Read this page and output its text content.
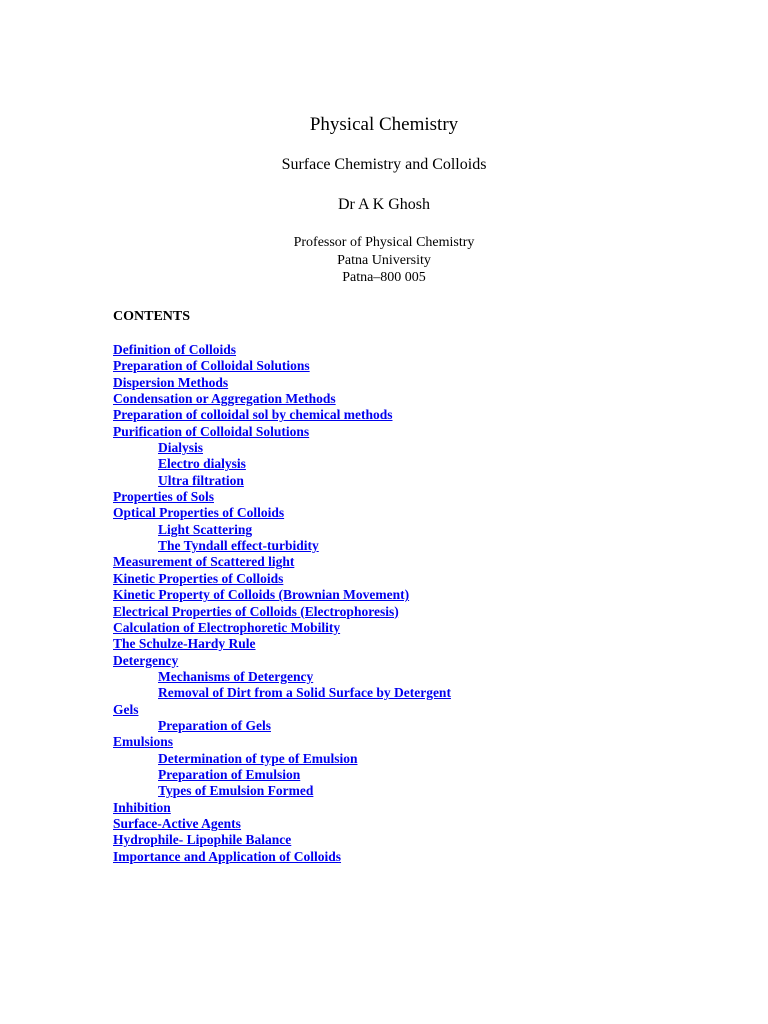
Physical Chemistry
Surface Chemistry and Colloids
Dr A K Ghosh
Professor of Physical Chemistry
Patna University
Patna–800 005
CONTENTS
Definition of Colloids
Preparation of Colloidal Solutions
Dispersion Methods
Condensation or Aggregation Methods
Preparation of colloidal sol by chemical methods
Purification of Colloidal Solutions
Dialysis
Electro dialysis
Ultra filtration
Properties of Sols
Optical Properties of Colloids
Light Scattering
The Tyndall effect-turbidity
Measurement of Scattered light
Kinetic Properties of Colloids
Kinetic Property of Colloids (Brownian Movement)
Electrical Properties of Colloids (Electrophoresis)
Calculation of Electrophoretic Mobility
The Schulze-Hardy Rule
Detergency
Mechanisms of Detergency
Removal of Dirt from a Solid Surface by Detergent
Gels
Preparation of Gels
Emulsions
Determination of type of Emulsion
Preparation of Emulsion
Types of Emulsion Formed
Inhibition
Surface-Active Agents
Hydrophile- Lipophile Balance
Importance and Application of Colloids
